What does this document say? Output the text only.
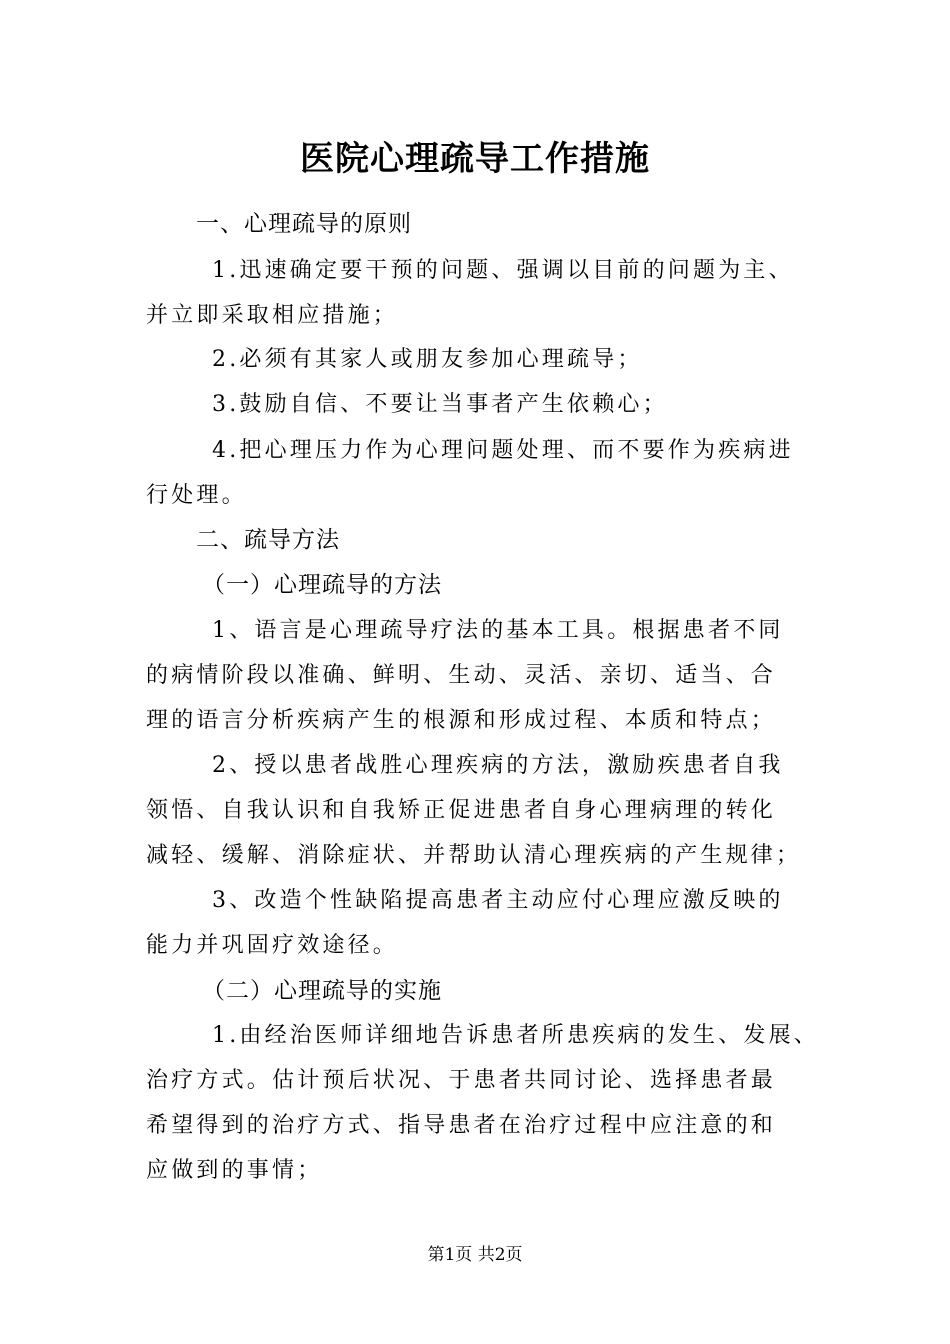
医院心理疏导工作措施
一、心理疏导的原则
1.迅速确定要干预的问题、强调以目前的问题为主、
并立即采取相应措施；
2.必须有其家人或朋友参加心理疏导；
3.鼓励自信、不要让当事者产生依赖心；
4.把心理压力作为心理问题处理、而不要作为疾病进
行处理。
二、疏导方法
（一）心理疏导的方法
1、语言是心理疏导疗法的基本工具。根据患者不同
的病情阶段以准确、鲜明、生动、灵活、亲切、适当、合
理的语言分析疾病产生的根源和形成过程、本质和特点；
2、授以患者战胜心理疾病的方法，激励疾患者自我
领悟、自我认识和自我矫正促进患者自身心理病理的转化
减轻、缓解、消除症状、并帮助认清心理疾病的产生规律；
3、改造个性缺陷提高患者主动应付心理应激反映的
能力并巩固疗效途径。
（二）心理疏导的实施
1.由经治医师详细地告诉患者所患疾病的发生、发展、
治疗方式。估计预后状况、于患者共同讨论、选择患者最
希望得到的治疗方式、指导患者在治疗过程中应注意的和
应做到的事情；
第1页 共2页
